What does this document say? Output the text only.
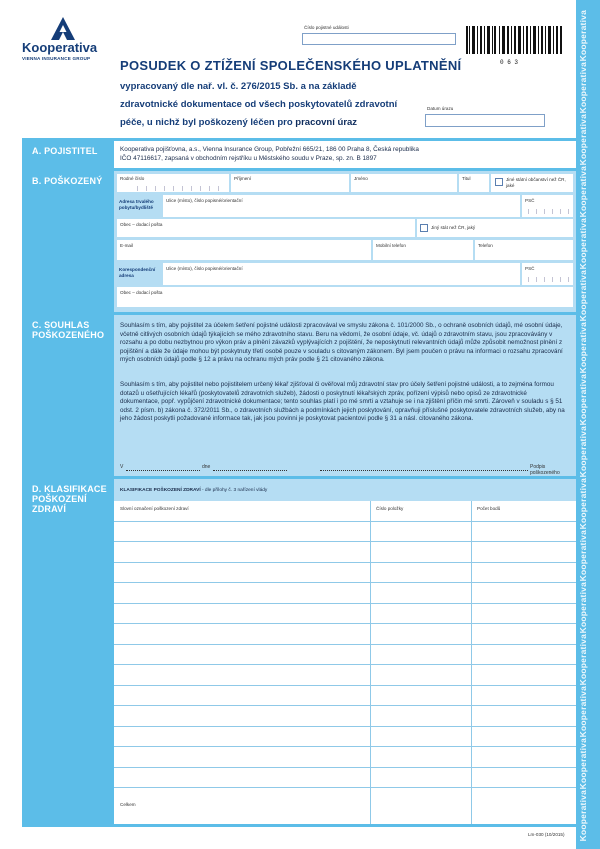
Kooperativa
Kooperativa
Kooperativa
Kooperativa
Kooperativa
Kooperativa
Kooperativa
Kooperativa
Kooperativa
Kooperativa
Kooperativa
Kooperativa
Kooperativa
Kooperativa
Kooperativa
Kooperativa
Kooperativa
VIENNA INSURANCE GROUP
Číslo pojistné události
0 6 3
POSUDEK O ZTÍŽENÍ SPOLEČENSKÉHO UPLATNĚNÍ
vypracovaný dle nař. vl. č. 276/2015 Sb. a na základě
zdravotnické dokumentace od všech poskytovatelů zdravotní
péče, u nichž byl poškozený léčen pro pracovní úraz
Datum úrazu
A. POJISTITEL	Kooperativa pojišťovna, a.s., Vienna Insurance Group, Pobřežní 665/21, 186 00 Praha 8, Česká republika
IČO 47116617, zapsaná v obchodním rejstříku u Městského soudu v Praze, sp. zn. B 1897
B. POŠKOZENÝ	Rodné číslo	Příjmení	Jméno	Titul	Jiné státní občanství než ČR, jaké
Adresa trvalého pobytu/bydliště
Ulice (místo), číslo popisné/orientační	PSČ
Obec – dodací pošta
Jiný stát než ČR, jaký
E-mail	Mobilní telefon	Telefon
Korespondenční adresa
Ulice (místo), číslo popisné/orientační	PSČ
Obec – dodací pošta
C. SOUHLAS POŠKOZENÉHO
Souhlasím s tím, aby pojistitel za účelem šetření pojistné události zpracovával ve smyslu zákona č. 101/2000 Sb., o ochraně osobních údajů, mé osobní údaje, včetně citlivých osobních údajů týkajících se mého zdravotního stavu. Beru na vědomí, že osobní údaje, vč. údajů o zdravotním stavu, jsou zpracovávány v rozsahu a po dobu nezbytnou pro výkon práv a plnění závazků vyplývajících z pojištění, že neposkytnutí relevantních údajů může způsobit nemožnost plnění z pojištění a dále že údaje mohou být poskytnuty třetí osobě pouze v souladu s citovaným zákonem. Byl jsem poučen o právu na informaci o rozsahu zpracování mých osobních údajů podle § 12 a právu na ochranu mých práv podle § 21 citovaného zákona.
Souhlasím s tím, aby pojistitel nebo pojistitelem určený lékař zjišťoval či ověřoval můj zdravotní stav pro účely šetření pojistné události, a to zejména formou dotazů u ošetřujících lékařů (poskytovatelů zdravotních služeb), žádosti o poskytnutí lékařských zpráv, pořízení výpisů nebo opisů ze zdravotnické dokumentace, popř. vypůjčení zdravotnické dokumentace; tento souhlas platí i po mé smrti a vztahuje se i na zjištění příčin mé smrti. Zároveň v souladu s § 51 odst. 2 písm. b) zákona č. 372/2011 Sb., o zdravotních službách a podmínkách jejich poskytování, opravňuji příslušné poskytovatele zdravotních služeb, aby na jeho žádost poskytli požadované informace tak, jak jsou povinni je poskytovat pacientovi podle § 31 a násl. citovaného zákona.
V	dne	Podpis poškozeného
D. KLASIFIKACE POŠKOZENÍ ZDRAVÍ
KLASIFIKACE POŠKOZENÍ ZDRAVÍ - dle přílohy č. 3 nařízení vlády
Slovní označení poškození zdraví	Číslo položky	Počet bodů
Celkem
Lm-030 (10/2015)
